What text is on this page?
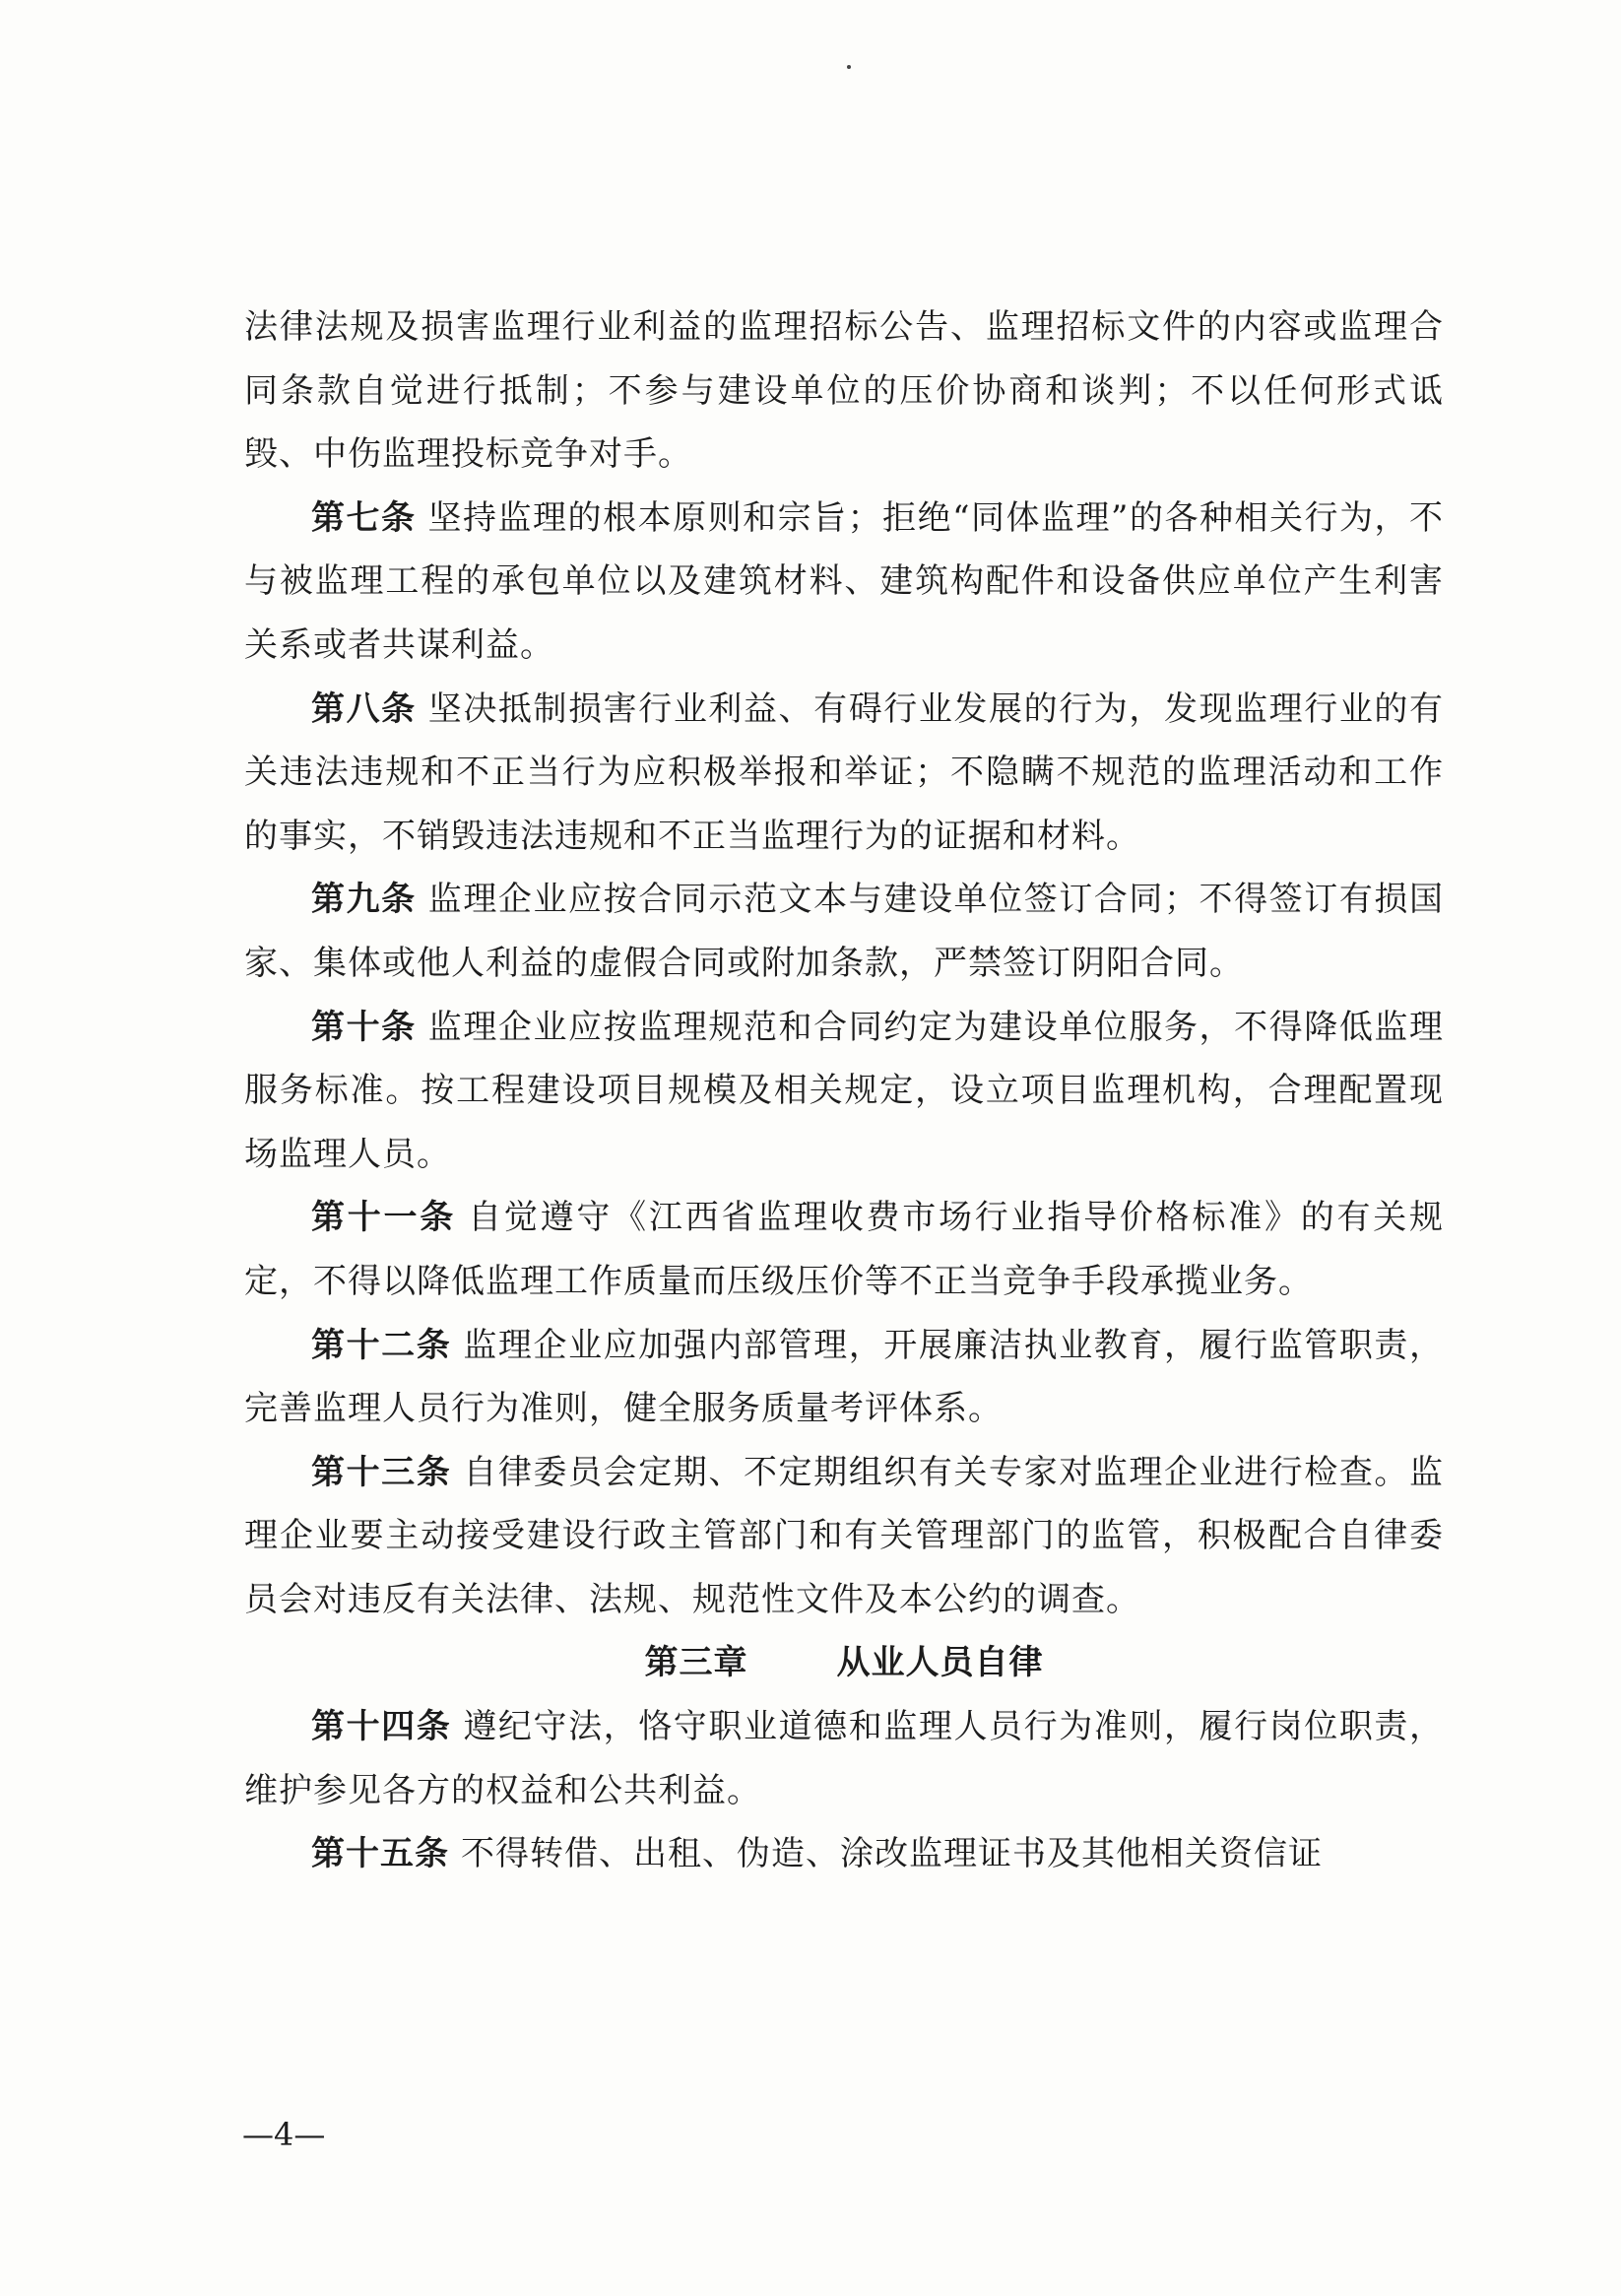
法律法规及损害监理行业利益的监理招标公告、监理招标文件的内容或监理合同条款自觉进行抵制；不参与建设单位的压价协商和谈判；不以任何形式诋毁、中伤监理投标竞争对手。

第七条 坚持监理的根本原则和宗旨；拒绝“同体监理”的各种相关行为，不与被监理工程的承包单位以及建筑材料、建筑构配件和设备供应单位产生利害关系或者共谋利益。

第八条 坚决抵制损害行业利益、有碍行业发展的行为，发现监理行业的有关违法违规和不正当行为应积极举报和举证；不隐瞒不规范的监理活动和工作的事实，不销毁违法违规和不正当监理行为的证据和材料。

第九条 监理企业应按合同示范文本与建设单位签订合同；不得签订有损国家、集体或他人利益的虚假合同或附加条款，严禁签订阴阳合同。

第十条 监理企业应按监理规范和合同约定为建设单位服务，不得降低监理服务标准。按工程建设项目规模及相关规定，设立项目监理机构，合理配置现场监理人员。

第十一条 自觉遵守《江西省监理收费市场行业指导价格标准》的有关规定，不得以降低监理工作质量而压级压价等不正当竞争手段承揽业务。

第十二条 监理企业应加强内部管理，开展廉洁执业教育，履行监管职责，完善监理人员行为准则，健全服务质量考评体系。

第十三条 自律委员会定期、不定期组织有关专家对监理企业进行检查。监理企业要主动接受建设行政主管部门和有关管理部门的监管，积极配合自律委员会对违反有关法律、法规、规范性文件及本公约的调查。

第三章	从业人员自律

第十四条 遵纪守法，恪守职业道德和监理人员行为准则，履行岗位职责，维护参见各方的权益和公共利益。

第十五条 不得转借、出租、伪造、涂改监理证书及其他相关资信证

—4—
